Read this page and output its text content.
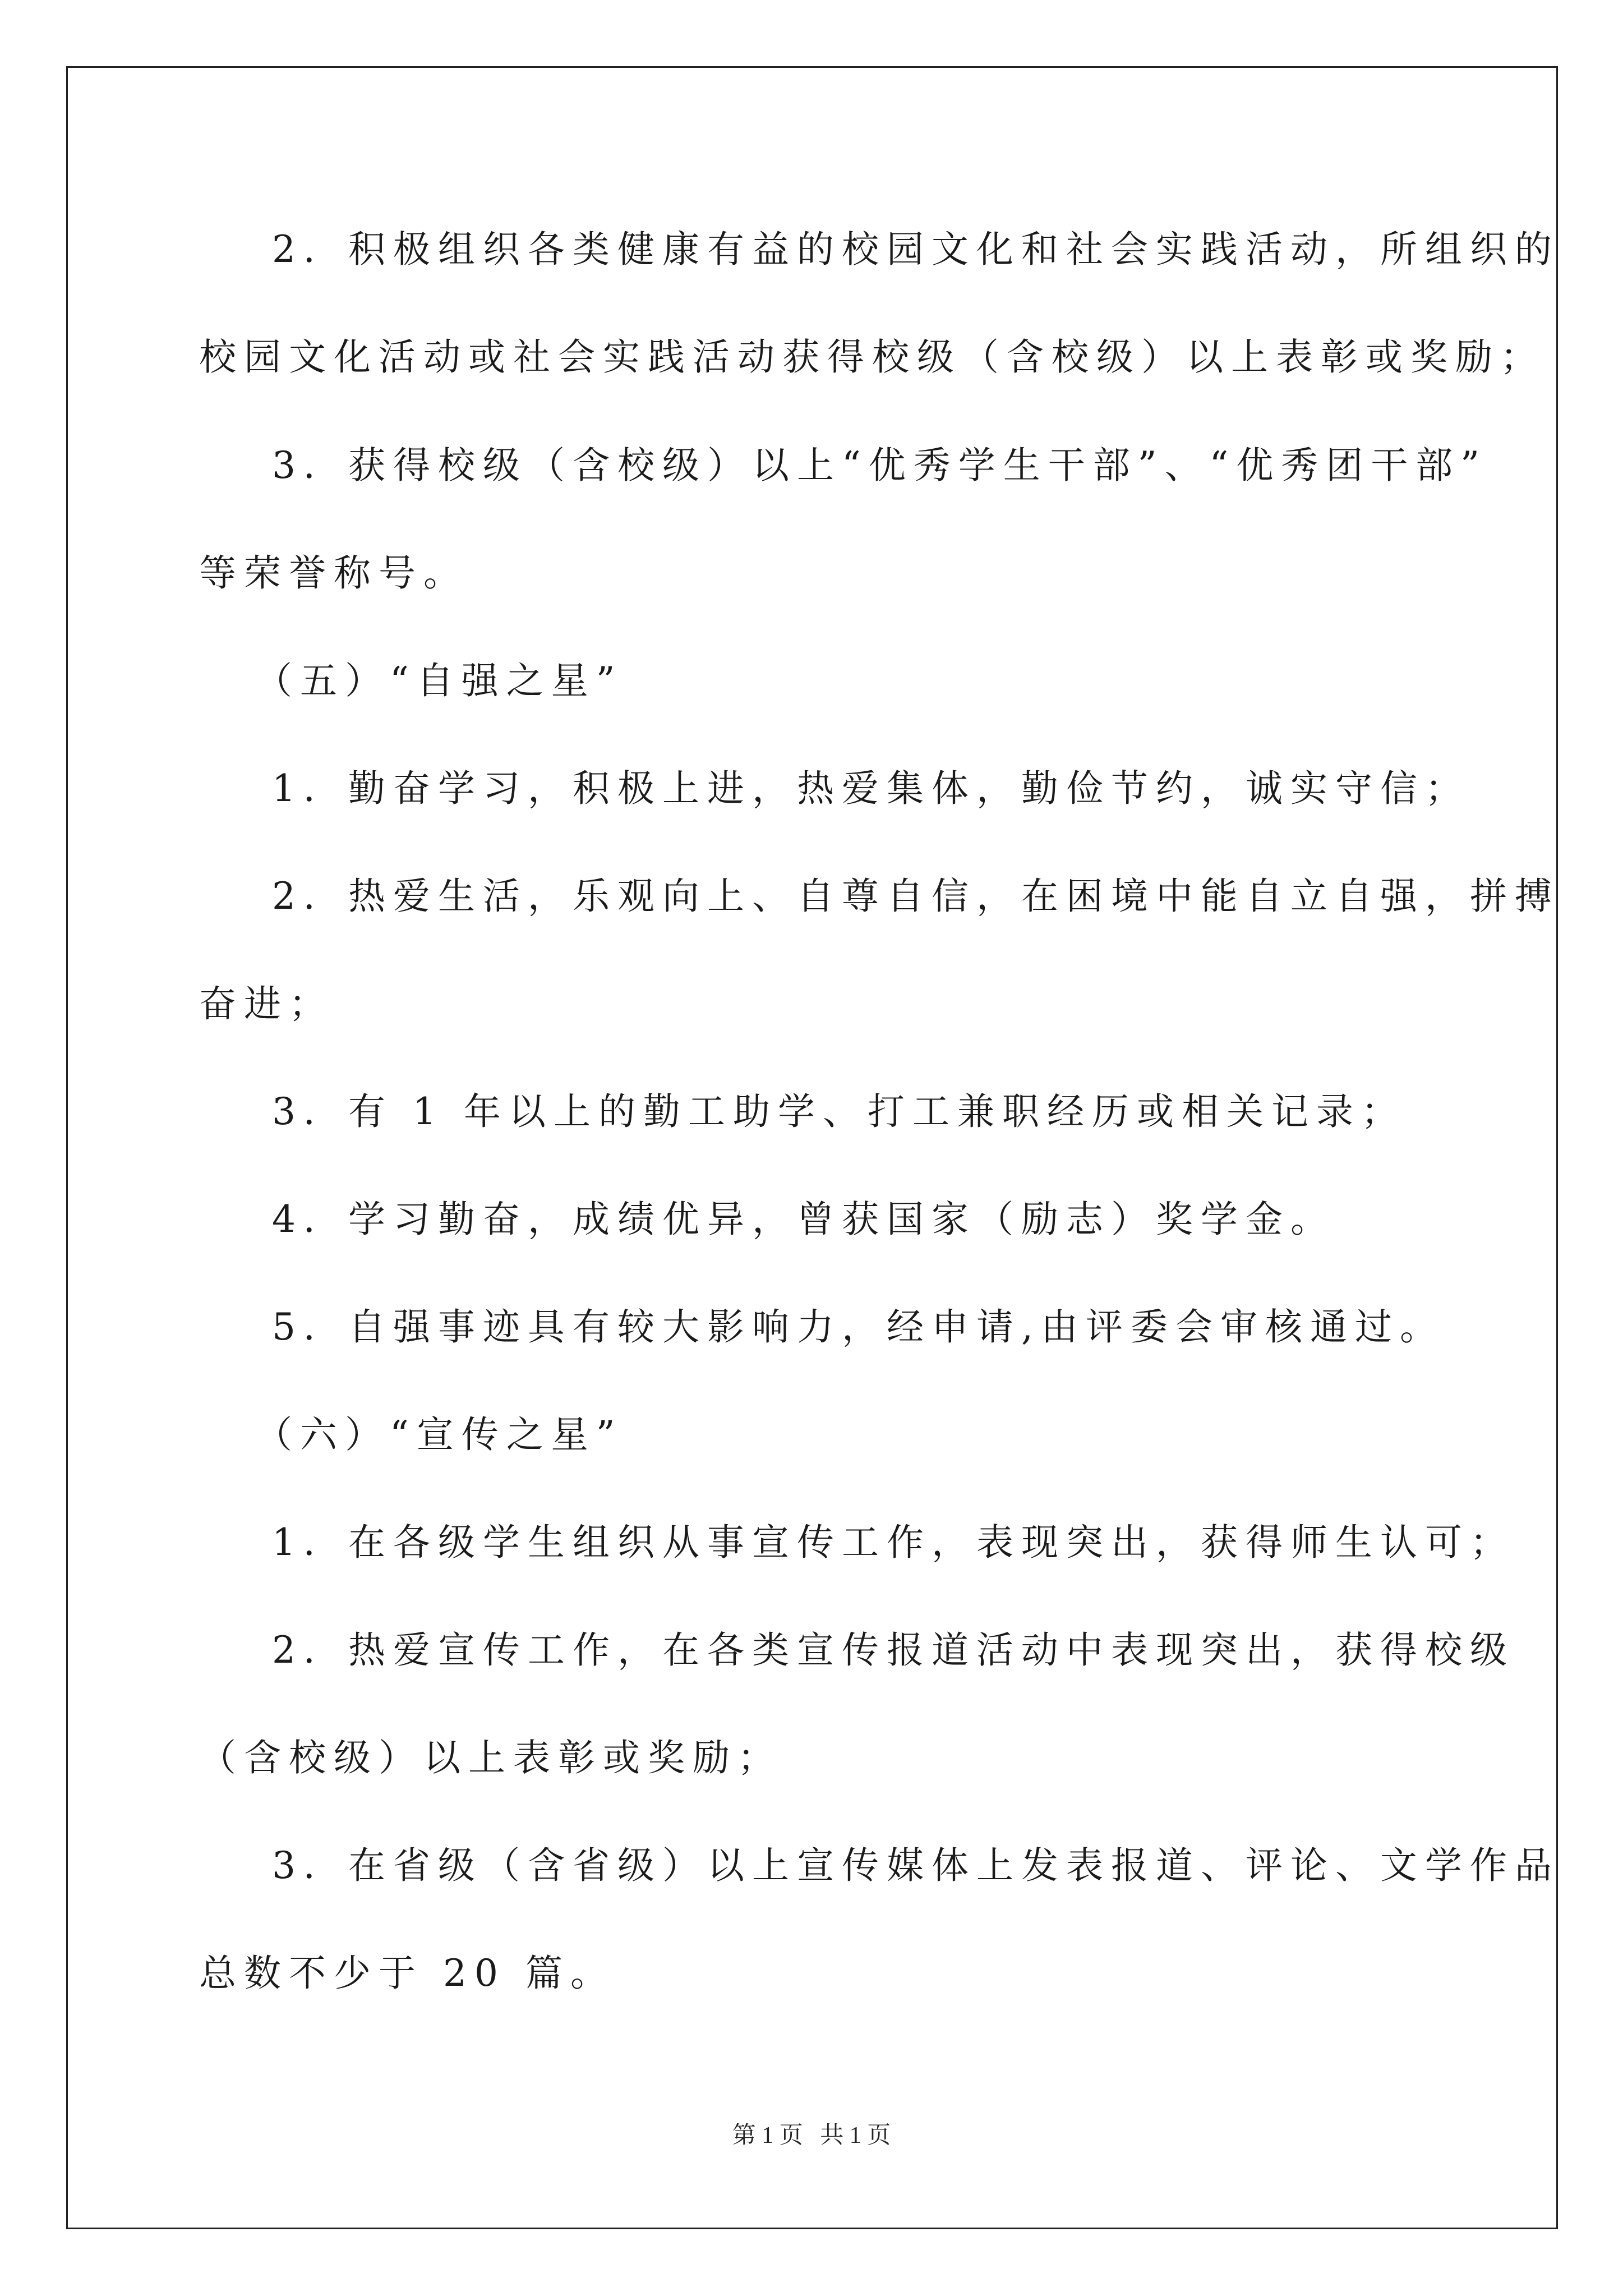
2．积极组织各类健康有益的校园文化和社会实践活动，所组织的
校园文化活动或社会实践活动获得校级（含校级）以上表彰或奖励；
3．获得校级（含校级）以上“优秀学生干部”、“优秀团干部”
等荣誉称号。
（五）“自强之星”
1．勤奋学习，积极上进，热爱集体，勤俭节约，诚实守信；
2．热爱生活，乐观向上、自尊自信，在困境中能自立自强，拼搏
奋进；
3．有 1 年以上的勤工助学、打工兼职经历或相关记录；
4．学习勤奋，成绩优异，曾获国家（励志）奖学金。
5．自强事迹具有较大影响力，经申请,由评委会审核通过。
（六）“宣传之星”
1．在各级学生组织从事宣传工作，表现突出，获得师生认可；
2．热爱宣传工作，在各类宣传报道活动中表现突出，获得校级
（含校级）以上表彰或奖励；
3．在省级（含省级）以上宣传媒体上发表报道、评论、文学作品
总数不少于 20 篇。
第 1 页 共 1 页
